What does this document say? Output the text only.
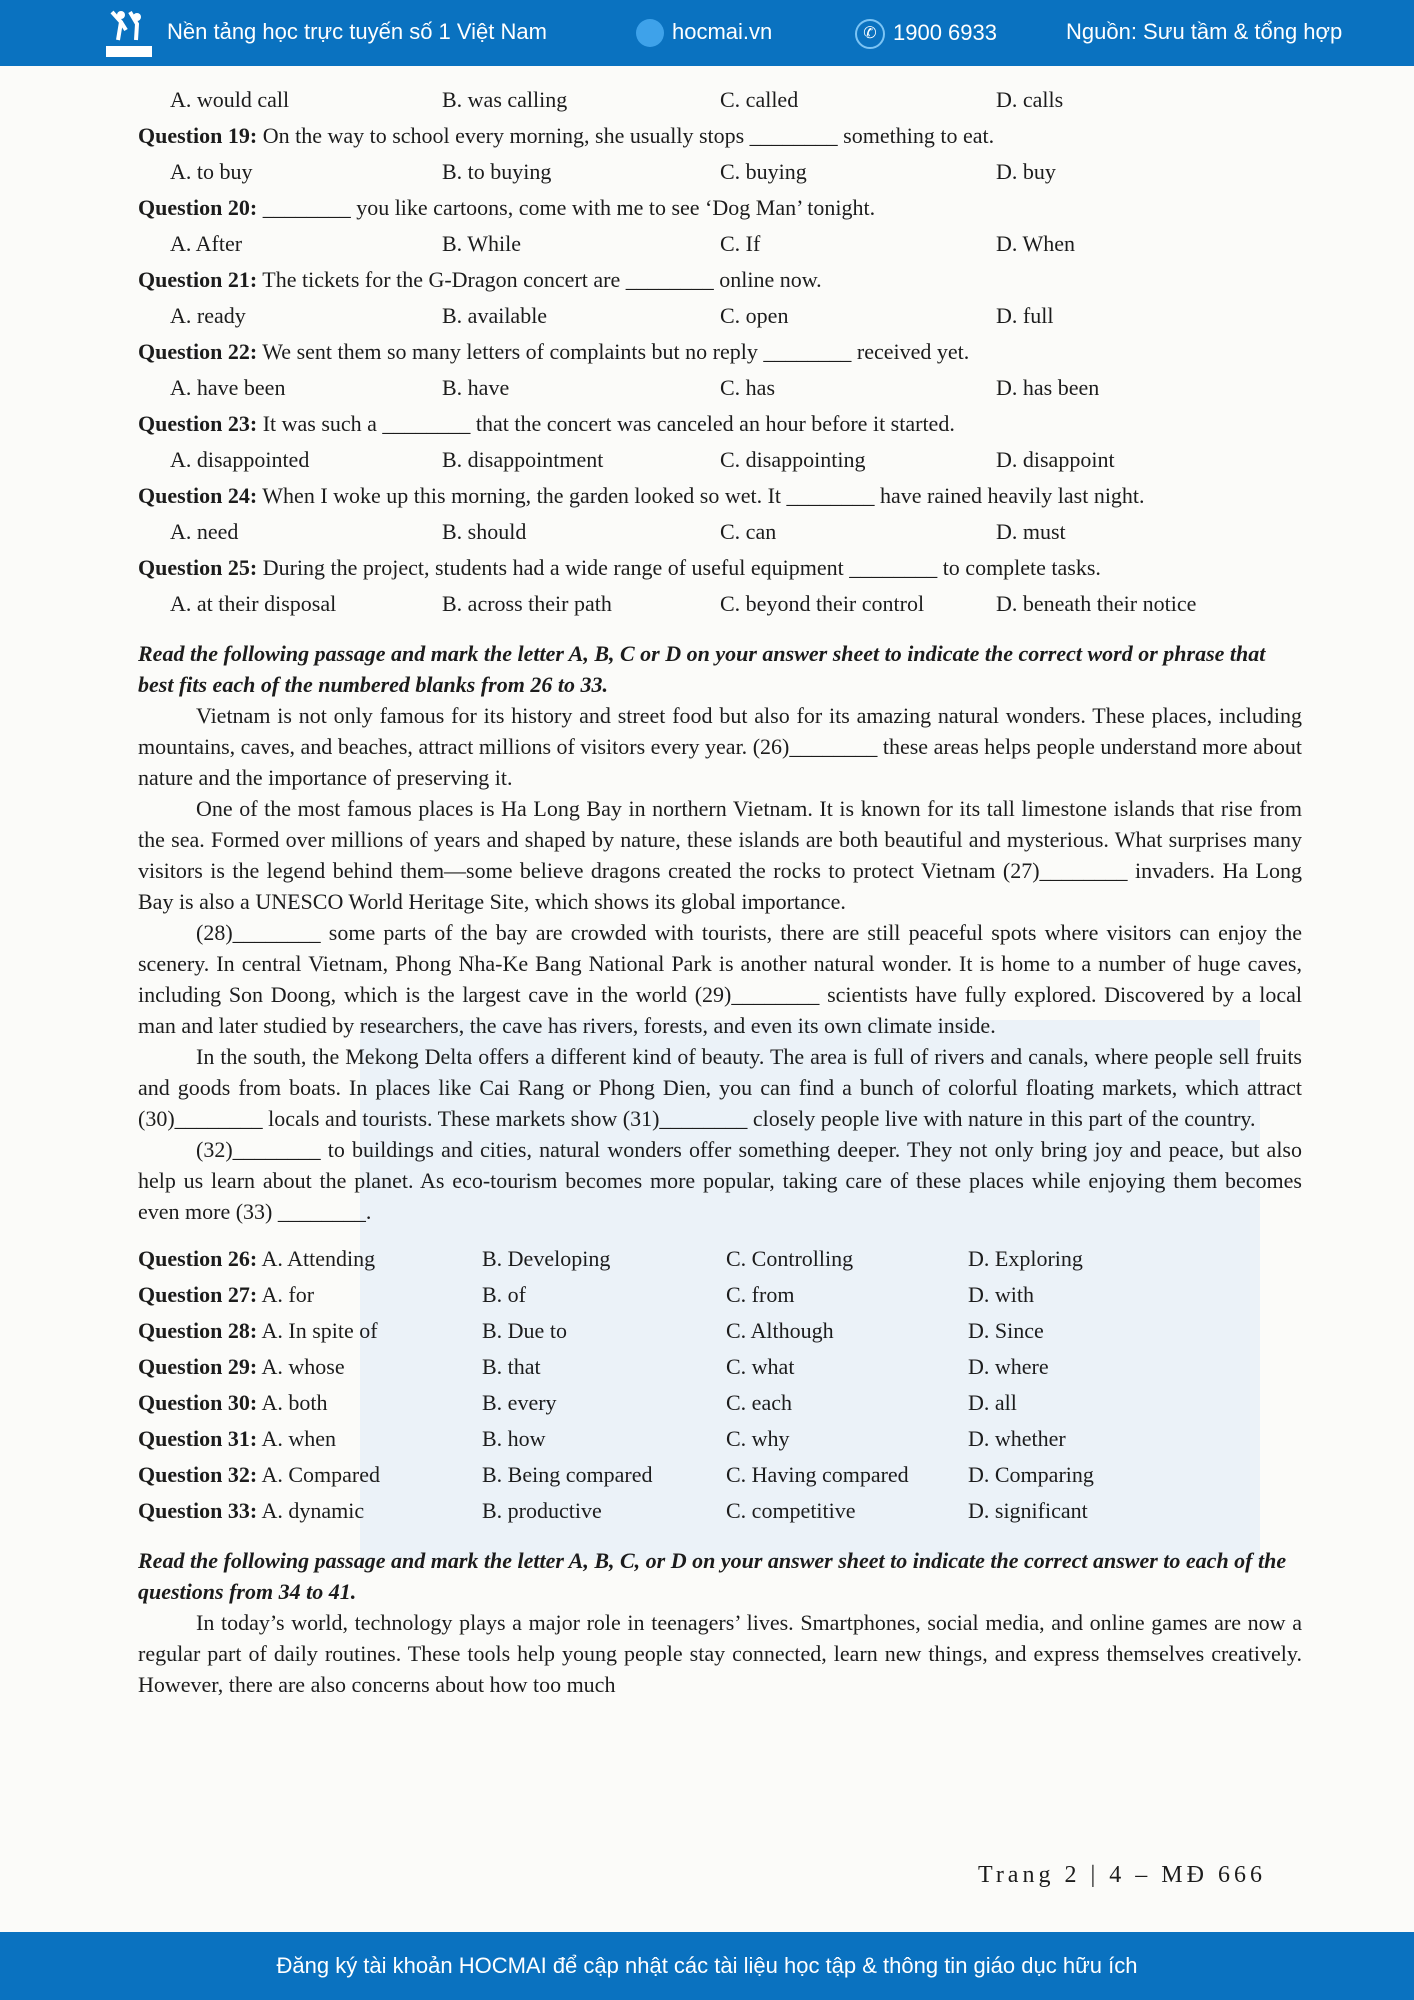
Nền tảng học trực tuyến số 1 Việt Nam	hocmai.vn	✆ 1900 6933	Nguồn: Sưu tầm & tổng hợp
A. would call	B. was calling	C. called	D. calls
Question 19: On the way to school every morning, she usually stops ________ something to eat.
A. to buy	B. to buying	C. buying	D. buy
Question 20: ________ you like cartoons, come with me to see ‘Dog Man’ tonight.
A. After	B. While	C. If	D. When
Question 21: The tickets for the G-Dragon concert are ________ online now.
A. ready	B. available	C. open	D. full
Question 22: We sent them so many letters of complaints but no reply ________ received yet.
A. have been	B. have	C. has	D. has been
Question 23: It was such a ________ that the concert was canceled an hour before it started.
A. disappointed	B. disappointment	C. disappointing	D. disappoint
Question 24: When I woke up this morning, the garden looked so wet. It ________ have rained heavily last night.
A. need	B. should	C. can	D. must
Question 25: During the project, students had a wide range of useful equipment ________ to complete tasks.
A. at their disposal	B. across their path	C. beyond their control	D. beneath their notice
Read the following passage and mark the letter A, B, C or D on your answer sheet to indicate the correct word or phrase that best fits each of the numbered blanks from 26 to 33.

Vietnam is not only famous for its history and street food but also for its amazing natural wonders. These places, including mountains, caves, and beaches, attract millions of visitors every year. (26)________ these areas helps people understand more about nature and the importance of preserving it.

One of the most famous places is Ha Long Bay in northern Vietnam. It is known for its tall limestone islands that rise from the sea. Formed over millions of years and shaped by nature, these islands are both beautiful and mysterious. What surprises many visitors is the legend behind them—some believe dragons created the rocks to protect Vietnam (27)________ invaders. Ha Long Bay is also a UNESCO World Heritage Site, which shows its global importance.

(28)________ some parts of the bay are crowded with tourists, there are still peaceful spots where visitors can enjoy the scenery. In central Vietnam, Phong Nha-Ke Bang National Park is another natural wonder. It is home to a number of huge caves, including Son Doong, which is the largest cave in the world (29)________ scientists have fully explored. Discovered by a local man and later studied by researchers, the cave has rivers, forests, and even its own climate inside.

In the south, the Mekong Delta offers a different kind of beauty. The area is full of rivers and canals, where people sell fruits and goods from boats. In places like Cai Rang or Phong Dien, you can find a bunch of colorful floating markets, which attract (30)________ locals and tourists. These markets show (31)________ closely people live with nature in this part of the country.

(32)________ to buildings and cities, natural wonders offer something deeper. They not only bring joy and peace, but also help us learn about the planet. As eco-tourism becomes more popular, taking care of these places while enjoying them becomes even more (33) ________.

Question 26: A. Attending	B. Developing	C. Controlling	D. Exploring
Question 27: A. for	B. of	C. from	D. with
Question 28: A. In spite of	B. Due to	C. Although	D. Since
Question 29: A. whose	B. that	C. what	D. where
Question 30: A. both	B. every	C. each	D. all
Question 31: A. when	B. how	C. why	D. whether
Question 32: A. Compared	B. Being compared	C. Having compared	D. Comparing
Question 33: A. dynamic	B. productive	C. competitive	D. significant
Read the following passage and mark the letter A, B, C, or D on your answer sheet to indicate the correct answer to each of the questions from 34 to 41.

In today’s world, technology plays a major role in teenagers’ lives. Smartphones, social media, and online games are now a regular part of daily routines. These tools help young people stay connected, learn new things, and express themselves creatively. However, there are also concerns about how too much

Trang 2 | 4 – MĐ 666
Đăng ký tài khoản HOCMAI để cập nhật các tài liệu học tập & thông tin giáo dục hữu ích
